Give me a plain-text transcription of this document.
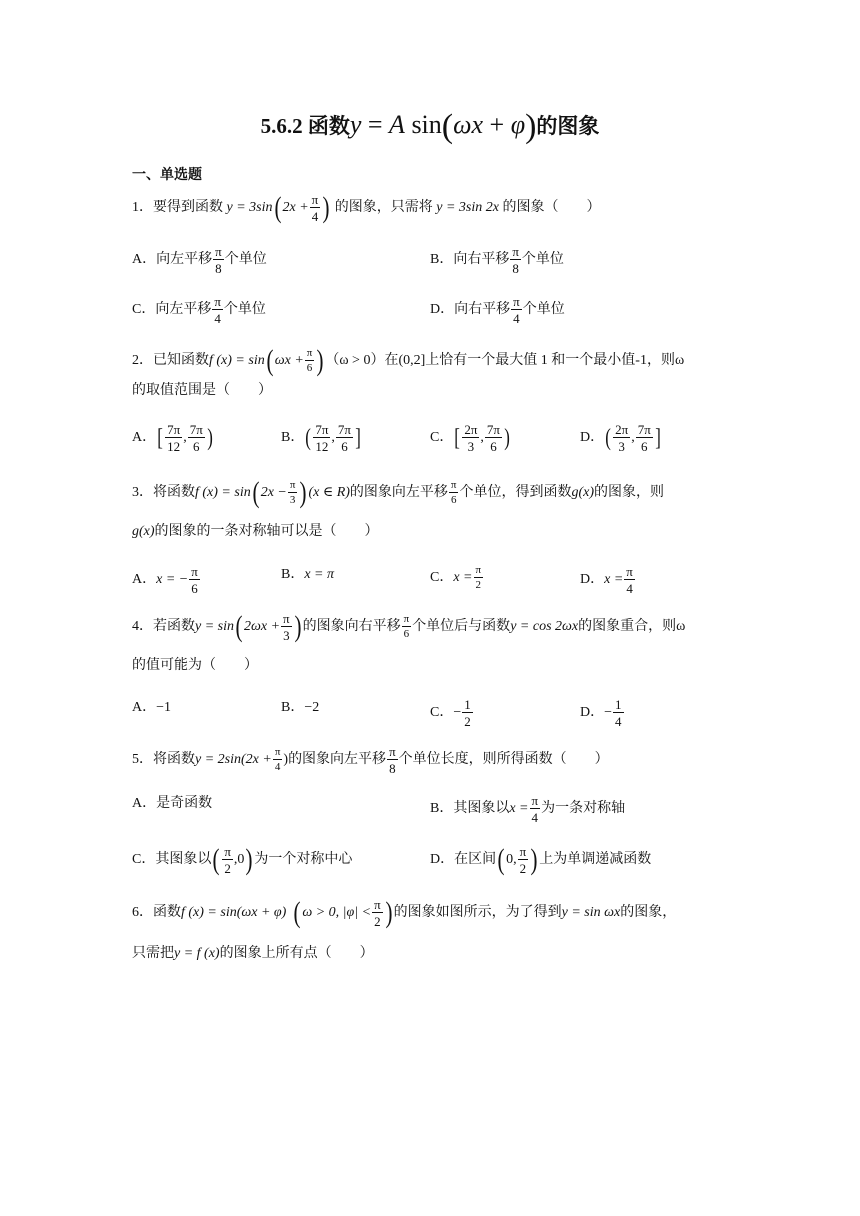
5.6.2 函数y = A sin(ωx + φ)的图象
一、单选题
1．要得到函数 y = 3sin( $2x + \frac{\pi}{4}$ ) 的图象，只需将 y = 3sin 2x 的图象（　　）
A．向左平移 $\frac{\pi}{8}$ 个单位	B．向右平移 $\frac{\pi}{8}$ 个单位
C．向左平移 $\frac{\pi}{4}$ 个单位	D．向右平移 $\frac{\pi}{4}$ 个单位
2．已知函数f (x) = sin( $\omega x + \frac{\pi}{6}$ ) （ω > 0）在(0,2]上恰有一个最大值 1 和一个最小值-1，则ω
的取值范围是（　　）
A．[ $\frac{7\pi}{12}$ , $\frac{7\pi}{6}$ )	B．( $\frac{7\pi}{12}$ , $\frac{7\pi}{6}$ ]	C．[ $\frac{2\pi}{3}$ , $\frac{7\pi}{6}$ )	D．( $\frac{2\pi}{3}$ , $\frac{7\pi}{6}$ ]
3．将函数f (x) = sin( $2x - \frac{\pi}{3}$ ) (x ∈ R)的图象向左平移 $\frac{\pi}{6}$ 个单位，得到函数g(x)的图象，则
g(x)的图象的一条对称轴可以是（　　）
A．x = − $\frac{\pi}{6}$	B．x = π	C．$x = \frac{\pi}{2}$	D．$x = \frac{\pi}{4}$
4．若函数y = sin( $2\omega x + \frac{\pi}{3}$ ) 的图象向右平移 $\frac{\pi}{6}$ 个单位后与函数y = cos 2ωx的图象重合，则ω
的值可能为（　　）
A．−1	B．−2	C．− $\frac{1}{2}$	D．− $\frac{1}{4}$
5．将函数$y = 2\sin(2x + \frac{\pi}{4}$ )的图象向左平移 $\frac{\pi}{8}$ 个单位长度，则所得函数（　　）
A．是奇函数	B．其图象以$x = \frac{\pi}{4}$ 为一条对称轴
C．其图象以( $\frac{\pi}{2} ,0$) 为一个对称中心	D．在区间( 0, $\frac{\pi}{2}$ ) 上为单调递减函数
6．函数f (x) = sin(ωx + φ) ( ω > 0, $|\varphi| < \frac{\pi}{2}$ ) 的图象如图所示，为了得到y = sin ωx的图象，
只需把y = f (x)的图象上所有点（　　）
